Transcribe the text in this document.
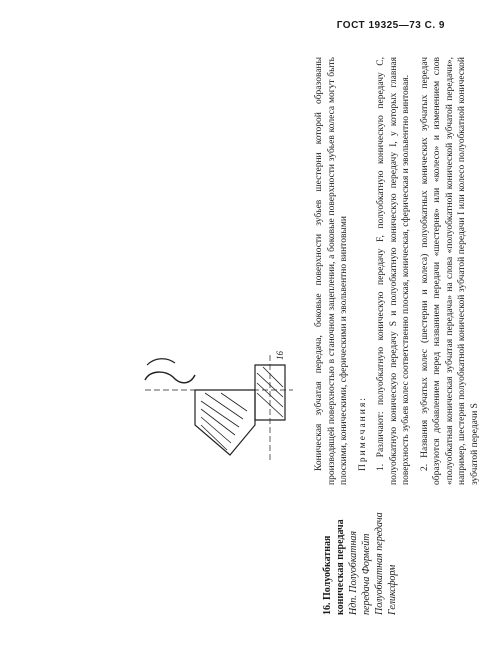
ГОСТ 19325—73 С. 9
16. Полуобкатная коническая передача Ндп. Полуобкатная передача Формейт Полуобкатная передача Геликсформ
16	Коническая зубчатая передача, боковые поверхности зубьев шестерни которой образованы производящей поверхностью в станочном зацеплении, а боковые поверхности зубьев колеса могут быть плоскими, коническими, сферическими и эвольвентно винтовыми Примечания: 1. Различают: полуобкатную коническую передачу F, полуобкатную коническую передачу C, полуобкатную коническую передачу S и полуобкатную коническую передачу I, у которых главная поверхность зубьев колес соответственно плоская, коническая, сферическая и эвольвентно винтовая. 2. Названия зубчатых колес (шестерни и колеса) полуобкатных конических зубчатых передач образуются добавлением перед названием передачи «шестерня» или «колесо» и изменением слов «полуобкатная коническая зубчатая передача» на слова «полуобкатной конической зубчатой передачи», например, шестерня полуобкатной конической зубчатой передачи I или колесо полуобкатной конической зубчатой передачи S
